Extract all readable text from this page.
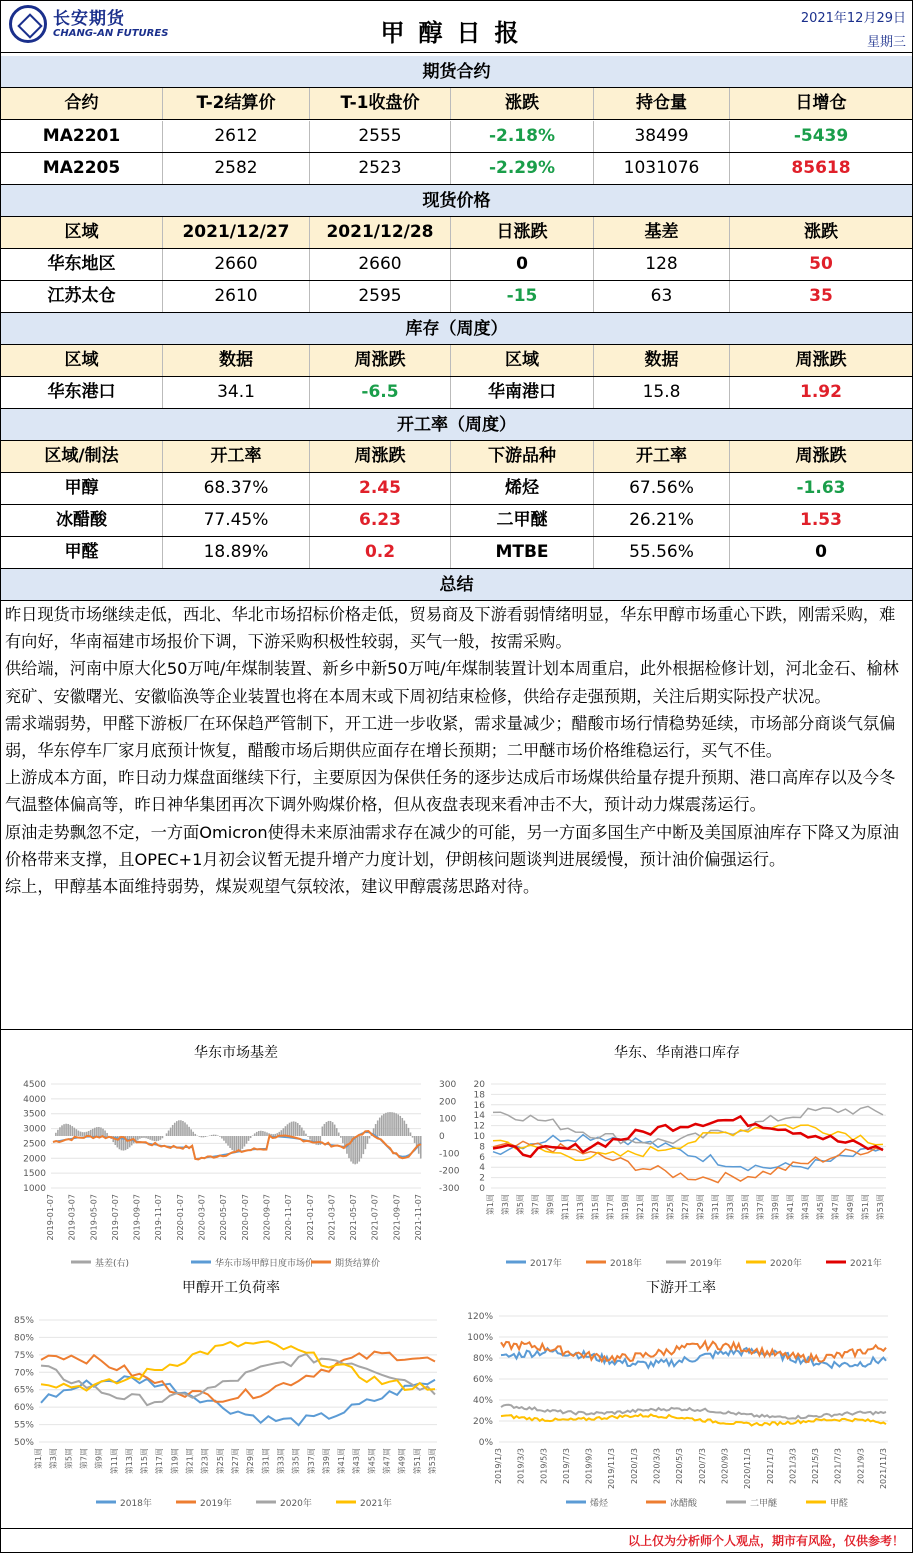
长安期货
CHANG-AN FUTURES	甲醇日报
2021年12月29日
星期三
期货合约
合约	T-2结算价	T-1收盘价	涨跌	持仓量	日增仓
MA2201	2612	2555	-2.18%	38499	-5439
MA2205	2582	2523	-2.29%	1031076	85618
现货价格
区域	2021/12/27	2021/12/28	日涨跌	基差	涨跌
华东地区	2660	2660	0	128	50
江苏太仓	2610	2595	-15	63	35
库存（周度）
区域	数据	周涨跌	区域	数据	周涨跌
华东港口	34.1	-6.5	华南港口	15.8	1.92
开工率（周度）
区域/制法	开工率	周涨跌	下游品种	开工率	周涨跌
甲醇	68.37%	2.45	烯烃	67.56%	-1.63
冰醋酸	77.45%	6.23	二甲醚	26.21%	1.53
甲醛	18.89%	0.2	MTBE	55.56%	0
总结

昨日现货市场继续走低，西北、华北市场招标价格走低，贸易商及下游看弱情绪明显，华东甲醇市场重心下跌，刚需采购，难有向好，华南福建市场报价下调，下游采购积极性较弱，买气一般，按需采购。

供给端，河南中原大化50万吨/年煤制装置、新乡中新50万吨/年煤制装置计划本周重启，此外根据检修计划，河北金石、榆林兖矿、安徽曙光、安徽临涣等企业装置也将在本周末或下周初结束检修，供给存走强预期，关注后期实际投产状况。

需求端弱势，甲醛下游板厂在环保趋严管制下，开工进一步收紧，需求量减少；醋酸市场行情稳势延续，市场部分商谈气氛偏弱，华东停车厂家月底预计恢复，醋酸市场后期供应面存在增长预期；二甲醚市场价格维稳运行，买气不佳。

上游成本方面，昨日动力煤盘面继续下行，主要原因为保供任务的逐步达成后市场煤供给量存提升预期、港口高库存以及今冬气温整体偏高等，昨日神华集团再次下调外购煤价格，但从夜盘表现来看冲击不大，预计动力煤震荡运行。

原油走势飘忽不定，一方面Omicron使得未来原油需求存在减少的可能，另一方面多国生产中断及美国原油库存下降又为原油价格带来支撑，且OPEC+1月初会议暂无提升增产力度计划，伊朗核问题谈判进展缓慢，预计油价偏强运行。

综上，甲醇基本面维持弱势，煤炭观望气氛较浓，建议甲醇震荡思路对待。

华东市场基差
4500
4000
3500
3000
2500
2000
1500
1000
300
200
100
0
-100
-200
-300
2019-01-07 2019-03-07 2019-05-07 2019-07-07 2019-09-07 2019-11-07 2020-01-07 2020-03-07 2020-05-07 2020-07-07 2020-09-07 2020-11-07 2021-01-07 2021-03-07 2021-05-07 2021-07-07 2021-09-07 2021-11-07
基差(右)	华东市场甲醇日度市场价 期货结算价
华东、华南港口库存
20
18
16
14
12
10
8
6
4
2
0
第1周 第3周 第5周 第7周 第9周 第11周 第13周 第15周 第17周 第19周 第21周 第23周 第25周 第27周 第29周 第31周 第33周 第35周 第37周 第39周 第41周 第43周 第45周 第47周 第49周 第51周 第53周
2017年	2018年	2019年	2020年	2021年
甲醇开工负荷率
85%
80%
75%
70%
65%
60%
55%
50%
第1周 第3周 第5周 第7周 第9周 第11周 第13周 第15周 第17周 第19周 第21周 第23周 第25周 第27周 第29周 第31周 第33周 第35周 第37周 第39周 第41周 第43周 第45周 第47周 第49周 第51周 第53周
2018年	2019年	2020年	2021年
下游开工率
120%
100%
80%
60%
40%
20%
0%
2019/1/3 2019/3/3 2019/5/3 2019/7/3 2019/9/3 2019/11/3 2020/1/3 2020/3/3 2020/5/3 2020/7/3 2020/9/3 2020/11/3 2021/1/3 2021/3/3 2021/5/3 2021/7/3 2021/9/3 2021/11/3
烯烃	冰醋酸	二甲醚	甲醛
以上仅为分析师个人观点，期市有风险，仅供参考！
